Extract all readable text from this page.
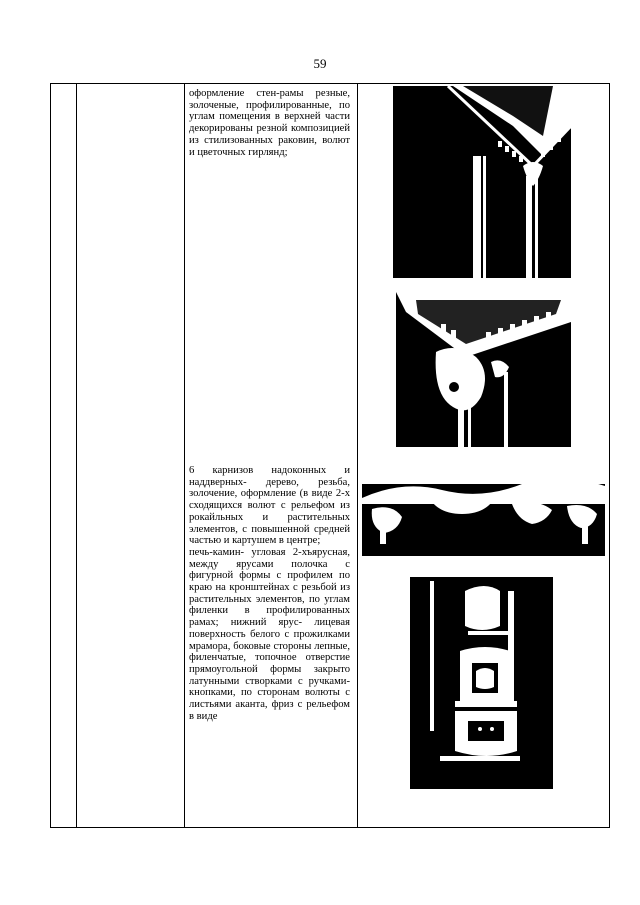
59

оформление стен-рамы резные, золоченые, профилированные, по углам помещения в верхней части декорированы резной композицией из стилизованных раковин, волют и цветочных гирлянд;

6 карнизов надоконных и наддверных- дерево, резьба, золочение, оформление (в виде 2-х сходящихся волют с рельефом из рокайльных и растительных элементов, с повышенной средней частью и картушем в центре;

печь-камин- угловая 2-хъярусная, между ярусами полочка с фигурной формы с профилем по краю на кронштейнах с резьбой из растительных элементов, по углам филенки в профилированных рамах; нижний ярус- лицевая поверхность белого с прожилками мрамора, боковые стороны лепные, филенчатые, топочное отверстие прямоугольной формы закрыто латунными створками с ручками-кнопками, по сторонам волюты с листьями аканта, фриз с рельефом в виде
